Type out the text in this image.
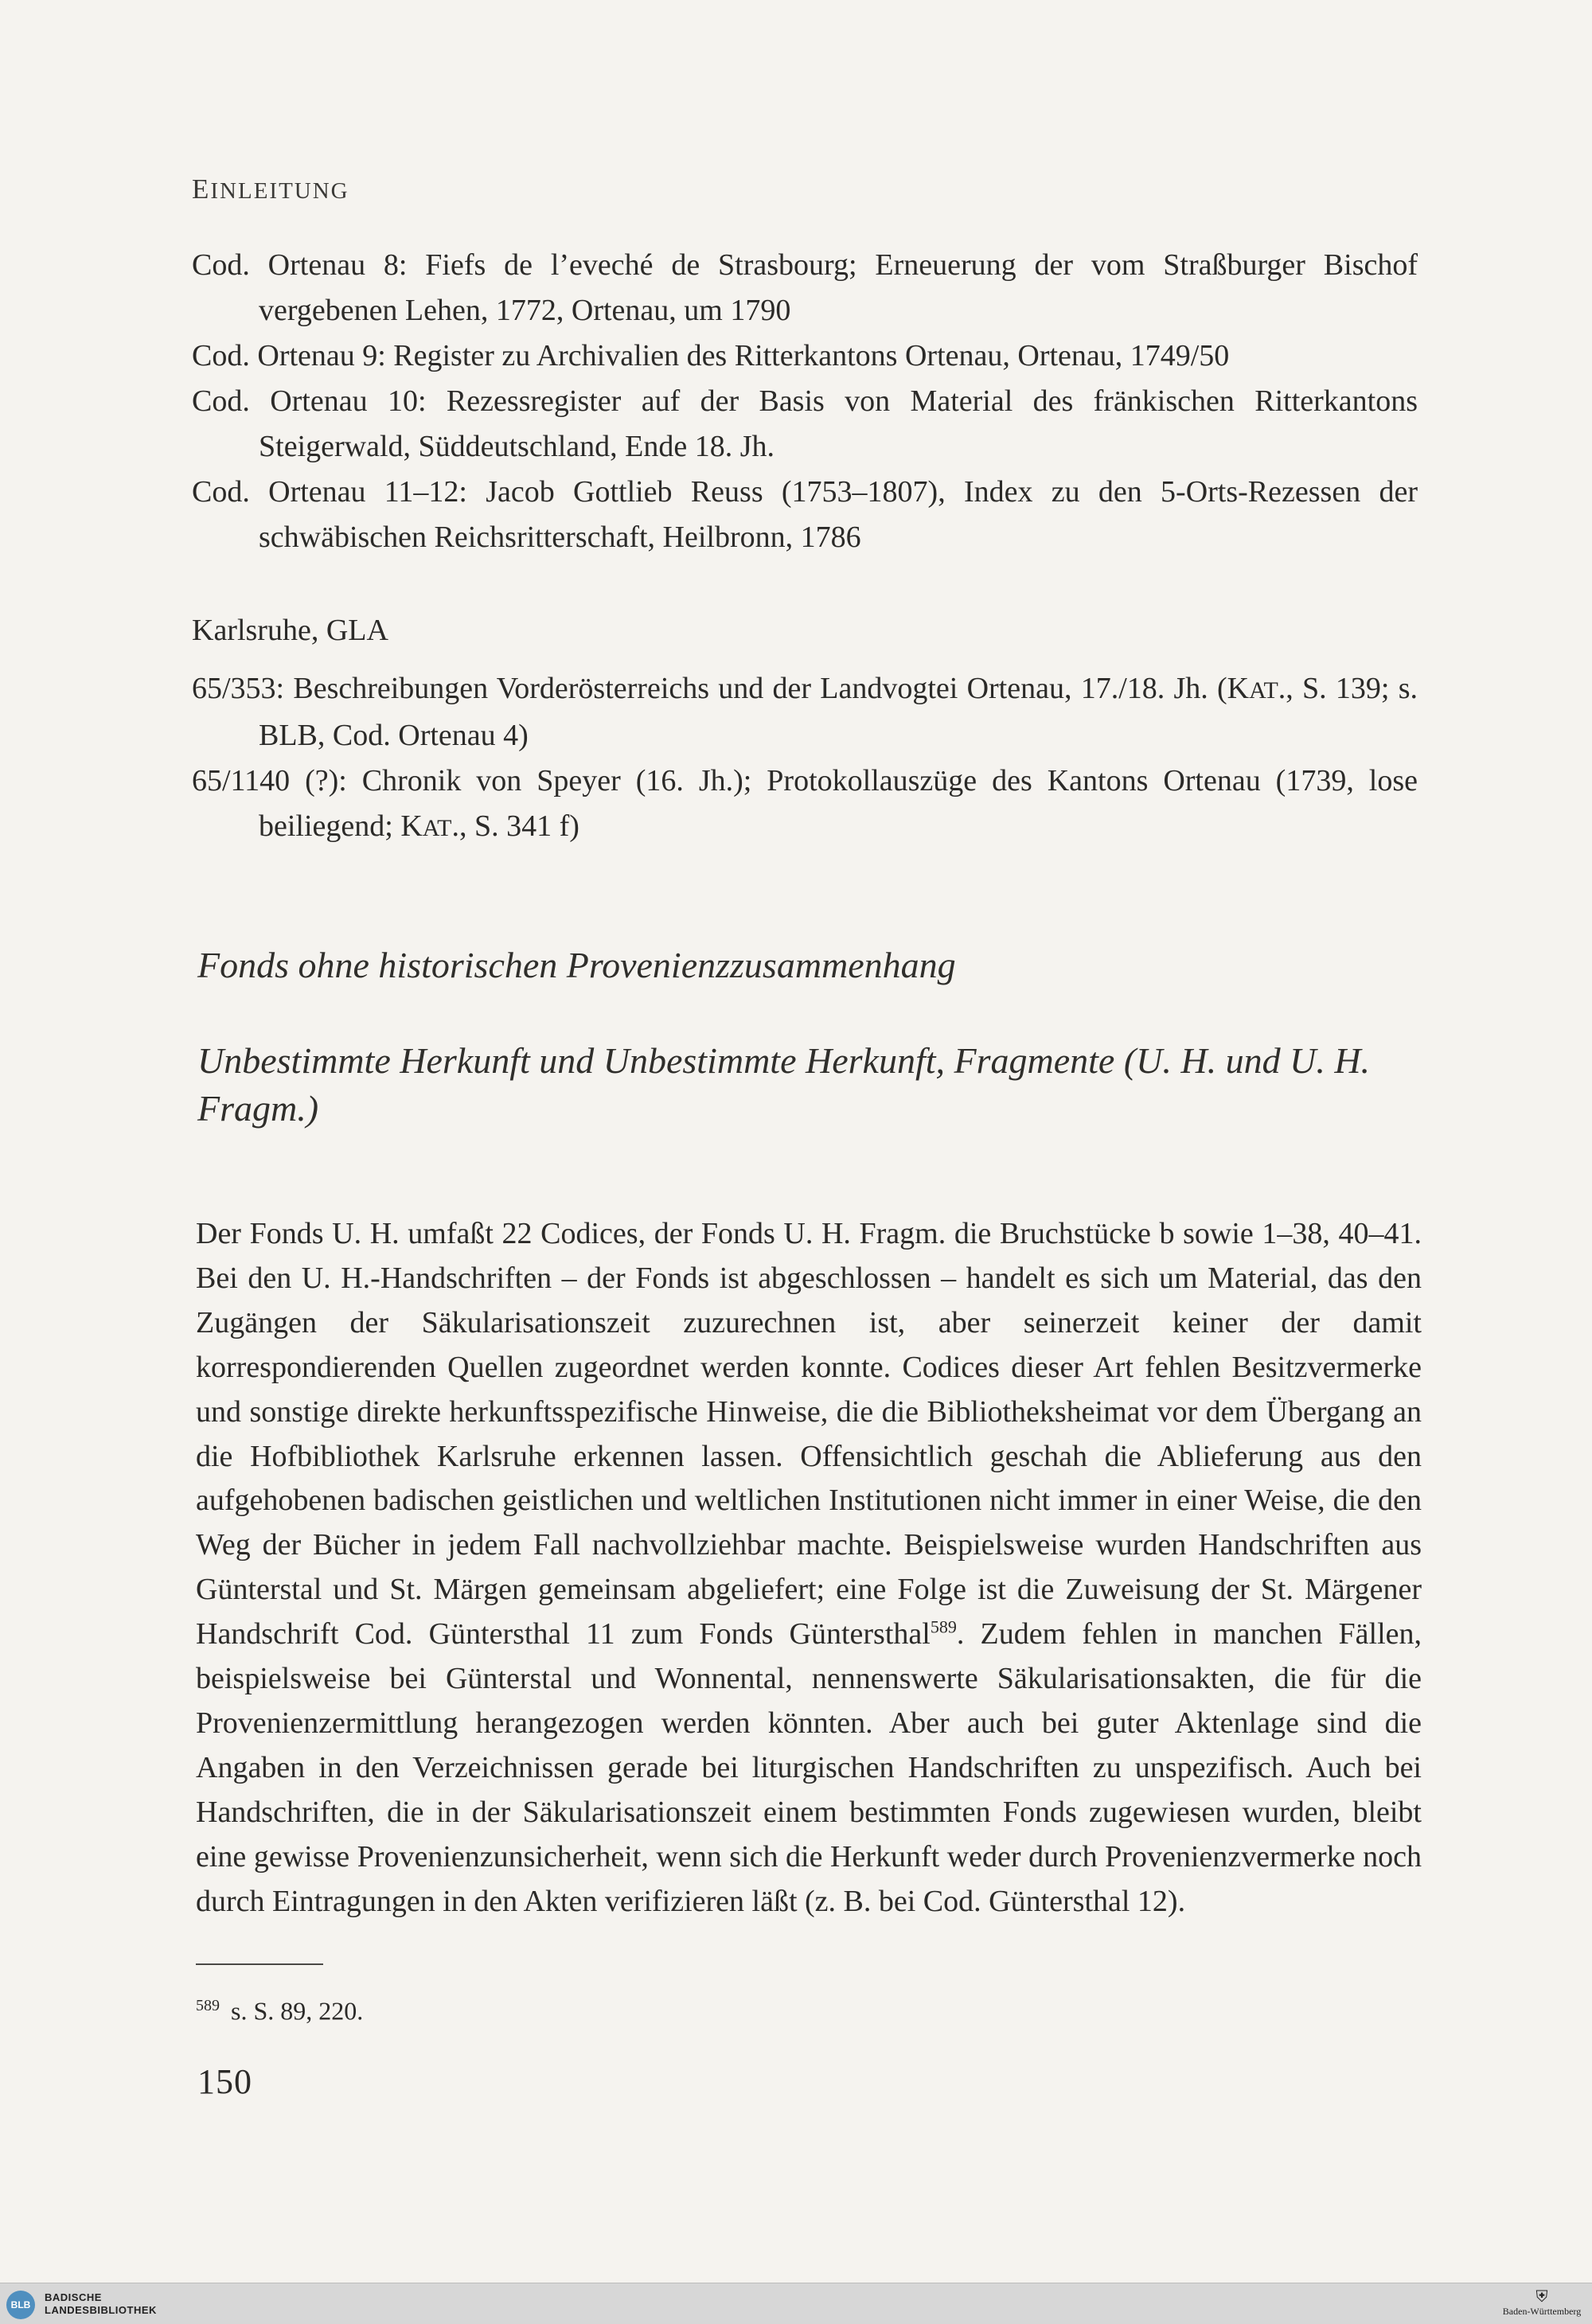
EINLEITUNG

Cod. Ortenau 8: Fiefs de l’eveché de Strasbourg; Erneuerung der vom Straßburger Bischof vergebenen Lehen, 1772, Ortenau, um 1790

Cod. Ortenau 9: Register zu Archivalien des Ritterkantons Ortenau, Ortenau, 1749/50

Cod. Ortenau 10: Rezessregister auf der Basis von Material des fränkischen Ritterkantons Steigerwald, Süddeutschland, Ende 18. Jh.

Cod. Ortenau 11–12: Jacob Gottlieb Reuss (1753–1807), Index zu den 5-Orts-Rezessen der schwäbischen Reichsritterschaft, Heilbronn, 1786

Karlsruhe, GLA

65/353: Beschreibungen Vorderösterreichs und der Landvogtei Ortenau, 17./18. Jh. (KAT., S. 139; s. BLB, Cod. Ortenau 4)

65/1140 (?): Chronik von Speyer (16. Jh.); Protokollauszüge des Kantons Ortenau (1739, lose beiliegend; KAT., S. 341 f)

Fonds ohne historischen Provenienzzusammenhang
Unbestimmte Herkunft und Unbestimmte Herkunft, Fragmente (U. H. und U. H. Fragm.)

Der Fonds U. H. umfaßt 22 Codices, der Fonds U. H. Fragm. die Bruchstücke b sowie 1–38, 40–41. Bei den U. H.-Handschriften – der Fonds ist abgeschlossen – handelt es sich um Material, das den Zugängen der Säkularisationszeit zuzurechnen ist, aber seinerzeit keiner der damit korrespondierenden Quellen zugeordnet werden konnte. Codices dieser Art fehlen Besitzvermerke und sonstige direkte herkunftsspezifische Hinweise, die die Bibliotheksheimat vor dem Übergang an die Hofbibliothek Karlsruhe erkennen lassen. Offensichtlich geschah die Ablieferung aus den aufgehobenen badischen geistlichen und weltlichen Institutionen nicht immer in einer Weise, die den Weg der Bücher in jedem Fall nachvollziehbar machte. Beispielsweise wurden Handschriften aus Günterstal und St. Märgen gemeinsam abgeliefert; eine Folge ist die Zuweisung der St. Märgener Handschrift Cod. Güntersthal 11 zum Fonds Güntersthal$^{589}$. Zudem fehlen in manchen Fällen, beispielsweise bei Günterstal und Wonnental, nennenswerte Säkularisationsakten, die für die Provenienzermittlung herangezogen werden könnten. Aber auch bei guter Aktenlage sind die Angaben in den Verzeichnissen gerade bei liturgischen Handschriften zu unspezifisch. Auch bei Handschriften, die in der Säkularisationszeit einem bestimmten Fonds zugewiesen wurden, bleibt eine gewisse Provenienzunsicherheit, wenn sich die Herkunft weder durch Provenienzvermerke noch durch Eintragungen in den Akten verifizieren läßt (z. B. bei Cod. Güntersthal 12).

$^{589}$ s. S. 89, 220.
150
BLB
BADISCHE
LANDESBIBLIOTHEK
⛨
Baden-Württemberg
